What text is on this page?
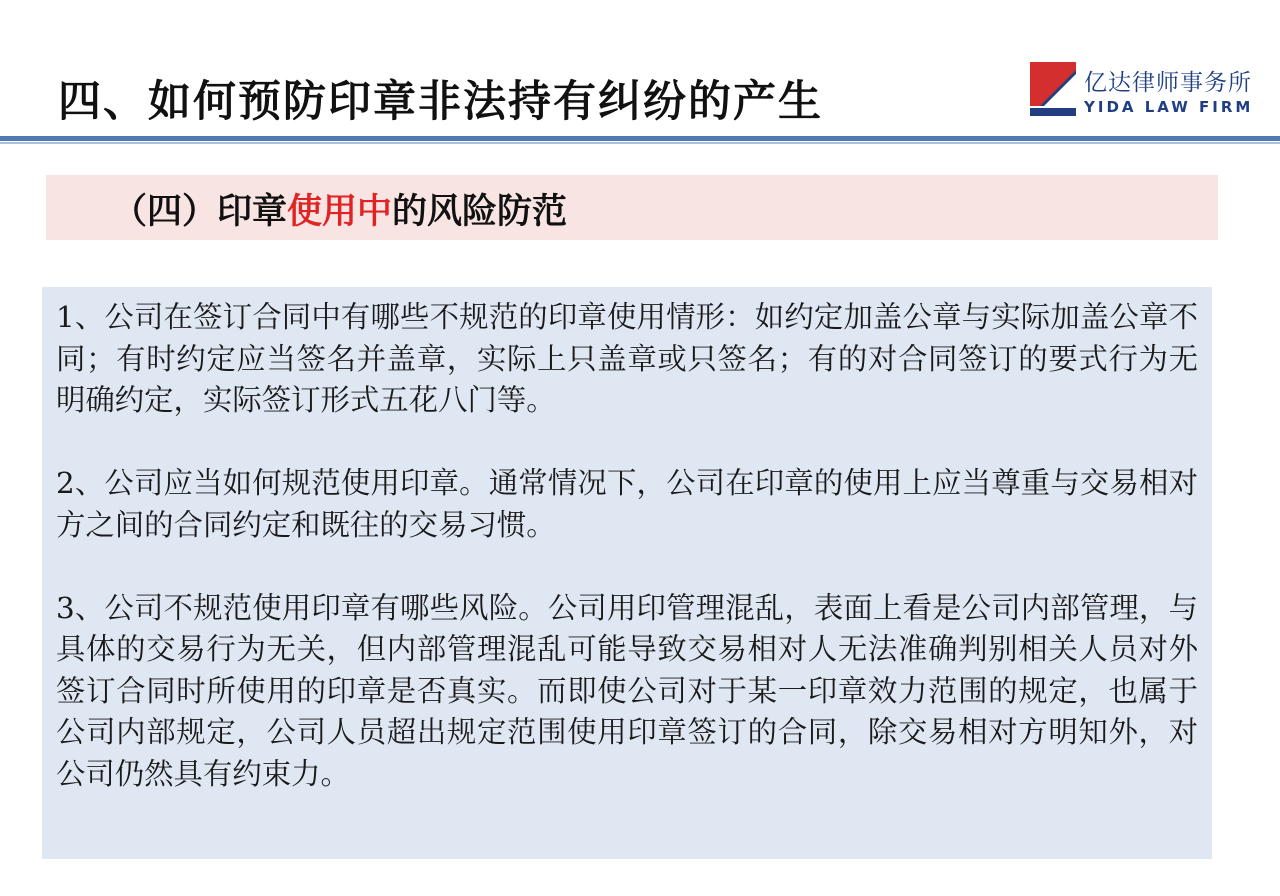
四、如何预防印章非法持有纠纷的产生	亿达律师事务所
YIDA LAW FIRM
（四）印章使用中的风险防范

1、公司在签订合同中有哪些不规范的印章使用情形：如约定加盖公章与实际加盖公章不同；有时约定应当签名并盖章，实际上只盖章或只签名；有的对合同签订的要式行为无明确约定，实际签订形式五花八门等。

2、公司应当如何规范使用印章。通常情况下，公司在印章的使用上应当尊重与交易相对方之间的合同约定和既往的交易习惯。

3、公司不规范使用印章有哪些风险。公司用印管理混乱，表面上看是公司内部管理，与具体的交易行为无关，但内部管理混乱可能导致交易相对人无法准确判别相关人员对外签订合同时所使用的印章是否真实。而即使公司对于某一印章效力范围的规定，也属于公司内部规定，公司人员超出规定范围使用印章签订的合同，除交易相对方明知外，对公司仍然具有约束力。
